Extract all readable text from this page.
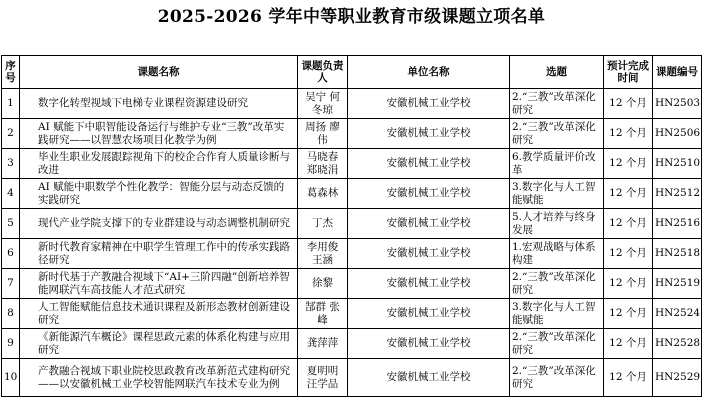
2025-2026 学年中等职业教育市级课题立项名单
序号	课题名称	课题负责人	单位名称	选题	预计完成时间	课题编号
1	数字化转型视域下电梯专业课程资源建设研究	吴宁 何冬琼	安徽机械工业学校	2.“三教”改革深化研究	12 个月	HN2503
2	AI 赋能下中职智能设备运行与维护专业“三教”改革实践研究——以智慧农场项目化教学为例	周扬 廖伟	安徽机械工业学校	2.“三教”改革深化研究	12 个月	HN2506
3	毕业生职业发展跟踪视角下的校企合作育人质量诊断与改进	马晓春 郑晓涓	安徽机械工业学校	6.教学质量评价改革	12 个月	HN2510
4	AI 赋能中职数学个性化教学：智能分层与动态反馈的实践研究	葛森林	安徽机械工业学校	3.数字化与人工智能赋能	12 个月	HN2512
5	现代产业学院支撑下的专业群建设与动态调整机制研究	丁杰	安徽机械工业学校	5.人才培养与终身发展	12 个月	HN2516
6	新时代教育家精神在中职学生管理工作中的传承实践路径研究	李用俊 王涵	安徽机械工业学校	1.宏观战略与体系构建	12 个月	HN2518
7	新时代基于产教融合视域下“AI+三阶四融”创新培养智能网联汽车高技能人才范式研究	徐黎	安徽机械工业学校	2.“三教”改革深化研究	12 个月	HN2519
8	人工智能赋能信息技术通识课程及新形态教材创新建设研究	郜群 张峰	安徽机械工业学校	3.数字化与人工智能赋能	12 个月	HN2524
9	《新能源汽车概论》课程思政元素的体系化构建与应用研究	龚萍萍	安徽机械工业学校	2.“三教”改革深化研究	12 个月	HN2528
10	产教融合视域下职业院校思政教育改革新范式建构研究——以安徽机械工业学校智能网联汽车技术专业为例	夏明明 汪学品	安徽机械工业学校	2.“三教”改革深化研究	12 个月	HN2529
